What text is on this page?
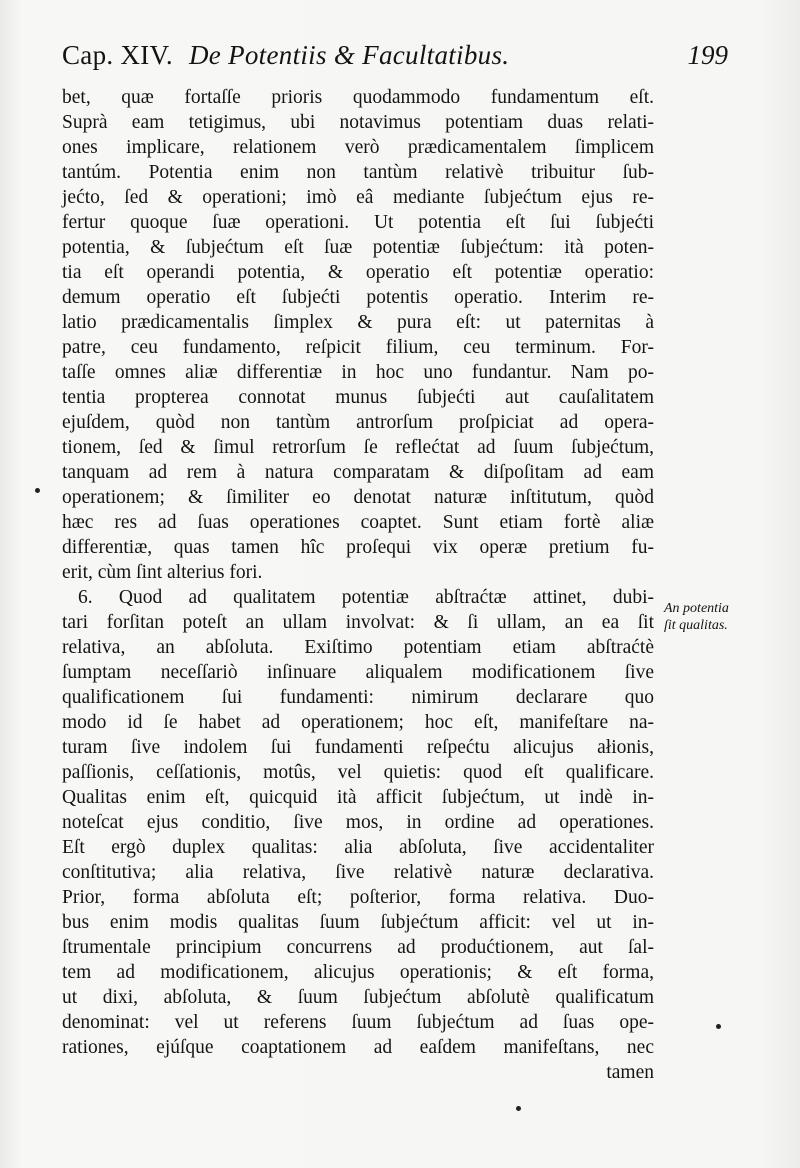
Cap. XIV. De Potentiis & Facultatibus.	199
bet, quæ fortaſſe prioris quodammodo fundamentum eſt.
Suprà eam tetigimus, ubi notavimus potentiam duas relati-
ones implicare, relationem verò prædicamentalem ſimplicem
tantúm. Potentia enim non tantùm relativè tribuitur ſub-
jećto, ſed & operationi; imò eâ mediante ſubjećtum ejus re-
fertur quoque ſuæ operationi. Ut potentia eſt ſui ſubjećti
potentia, & ſubjećtum eſt ſuæ potentiæ ſubjećtum: ità poten-
tia eſt operandi potentia, & operatio eſt potentiæ operatio:
demum operatio eſt ſubjećti potentis operatio. Interim re-
latio prædicamentalis ſimplex & pura eſt: ut paternitas à
patre, ceu fundamento, reſpicit filium, ceu terminum. For-
taſſe omnes aliæ differentiæ in hoc uno fundantur. Nam po-
tentia propterea connotat munus ſubjećti aut cauſalitatem
ejuſdem, quòd non tantùm antrorſum proſpiciat ad opera-
tionem, ſed & ſimul retrorſum ſe reflećtat ad ſuum ſubjećtum,
tanquam ad rem à natura comparatam & diſpoſitam ad eam
operationem; & ſimiliter eo denotat naturæ inſtitutum, quòd
hæc res ad ſuas operationes coaptet. Sunt etiam fortè aliæ
differentiæ, quas tamen hîc proſequi vix operæ pretium fu-
erit, cùm ſint alterius fori.
6. Quod ad qualitatem potentiæ abſtraćtæ attinet, dubi-
tari forſitan poteſt an ullam involvat: & ſi ullam, an ea ſit
relativa, an abſoluta. Exiſtimo potentiam etiam abſtraćtè
ſumptam neceſſariò inſinuare aliqualem modificationem ſive
qualificationem ſui fundamenti: nimirum declarare quo
modo id ſe habet ad operationem; hoc eſt, manifeſtare na-
turam ſive indolem ſui fundamenti reſpećtu alicujus ałionis,
paſſionis, ceſſationis, motûs, vel quietis: quod eſt qualificare.
Qualitas enim eſt, quicquid ità afficit ſubjećtum, ut indè in-
noteſcat ejus conditio, ſive mos, in ordine ad operationes.
Eſt ergò duplex qualitas: alia abſoluta, ſive accidentaliter
conſtitutiva; alia relativa, ſive relativè naturæ declarativa.
Prior, forma abſoluta eſt; poſterior, forma relativa. Duo-
bus enim modis qualitas ſuum ſubjećtum afficit: vel ut in-
ſtrumentale principium concurrens ad produćtionem, aut ſal-
tem ad modificationem, alicujus operationis; & eſt forma,
ut dixi, abſoluta, & ſuum ſubjećtum abſolutè qualificatum
denominat: vel ut referens ſuum ſubjećtum ad ſuas ope-
rationes, ejúſque coaptationem ad eaſdem manifeſtans, nec
tamen
An potentia
ſit qualitas.
